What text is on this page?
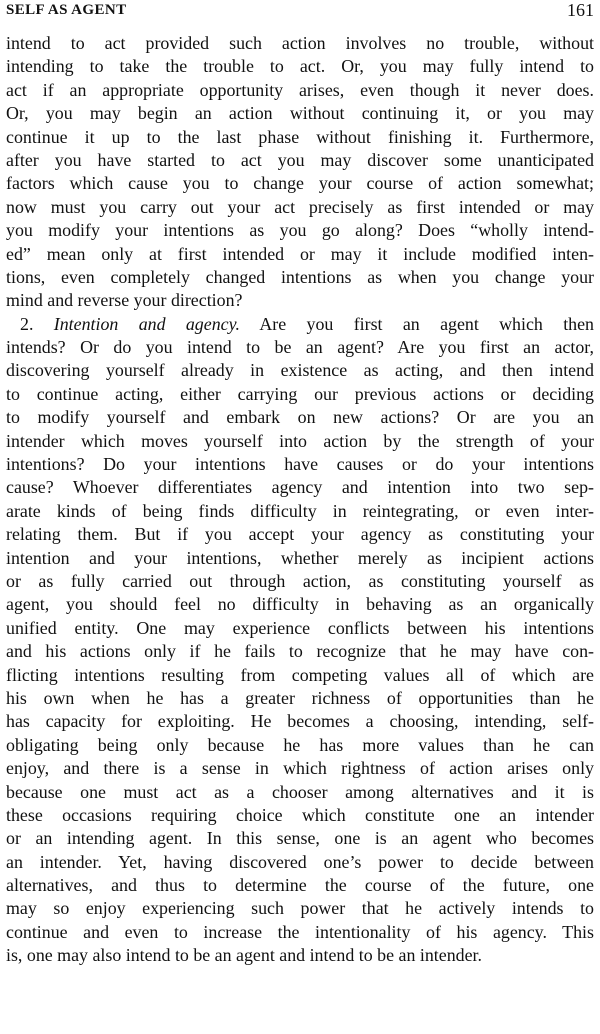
SELF AS AGENT	161
intend to act provided such action involves no trouble, without
intending to take the trouble to act. Or, you may fully intend to
act if an appropriate opportunity arises, even though it never does.
Or, you may begin an action without continuing it, or you may
continue it up to the last phase without finishing it. Furthermore,
after you have started to act you may discover some unanticipated
factors which cause you to change your course of action somewhat;
now must you carry out your act precisely as first intended or may
you modify your intentions as you go along? Does “wholly intend-
ed” mean only at first intended or may it include modified inten-
tions, even completely changed intentions as when you change your
mind and reverse your direction?
2. Intention and agency. Are you first an agent which then
intends? Or do you intend to be an agent? Are you first an actor,
discovering yourself already in existence as acting, and then intend
to continue acting, either carrying our previous actions or deciding
to modify yourself and embark on new actions? Or are you an
intender which moves yourself into action by the strength of your
intentions? Do your intentions have causes or do your intentions
cause? Whoever differentiates agency and intention into two sep-
arate kinds of being finds difficulty in reintegrating, or even inter-
relating them. But if you accept your agency as constituting your
intention and your intentions, whether merely as incipient actions
or as fully carried out through action, as constituting yourself as
agent, you should feel no difficulty in behaving as an organically
unified entity. One may experience conflicts between his intentions
and his actions only if he fails to recognize that he may have con-
flicting intentions resulting from competing values all of which are
his own when he has a greater richness of opportunities than he
has capacity for exploiting. He becomes a choosing, intending, self-
obligating being only because he has more values than he can
enjoy, and there is a sense in which rightness of action arises only
because one must act as a chooser among alternatives and it is
these occasions requiring choice which constitute one an intender
or an intending agent. In this sense, one is an agent who becomes
an intender. Yet, having discovered one’s power to decide between
alternatives, and thus to determine the course of the future, one
may so enjoy experiencing such power that he actively intends to
continue and even to increase the intentionality of his agency. This
is, one may also intend to be an agent and intend to be an intender.
